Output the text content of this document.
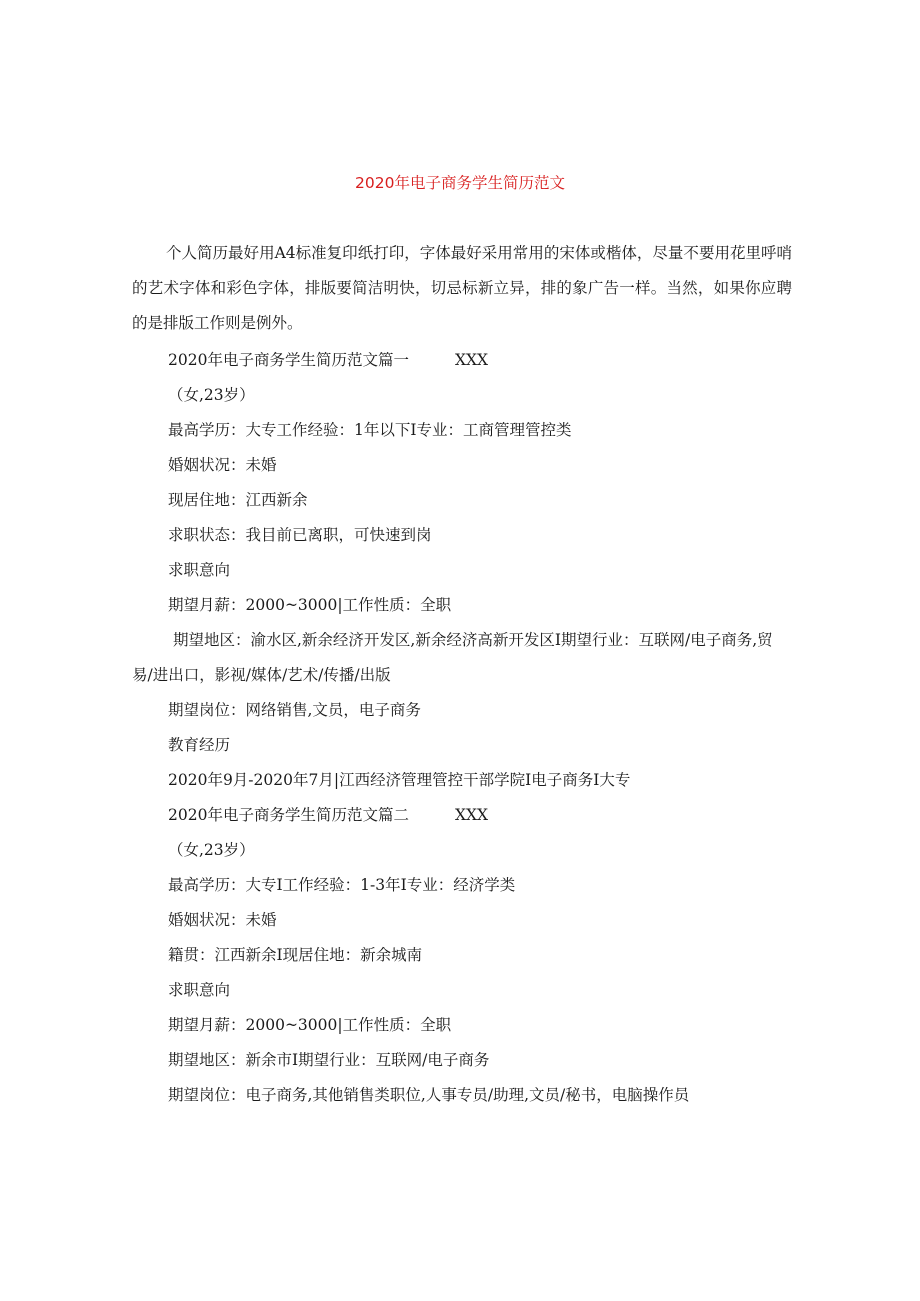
2020年电子商务学生简历范文
个人简历最好用A4标准复印纸打印，字体最好采用常用的宋体或楷体，尽量不要用花里呼哨的艺术字体和彩色字体，排版要简洁明快，切忌标新立异，排的象广告一样。当然，如果你应聘的是排版工作则是例外。
2020年电子商务学生简历范文篇一	XXX
（女,23岁）
最高学历：大专工作经验：1年以下I专业：工商管理管控类
婚姻状况：未婚
现居住地：江西新余
求职状态：我目前已离职，可快速到岗
求职意向
期望月薪：2000~3000|工作性质：全职
期望地区：渝水区,新余经济开发区,新余经济高新开发区I期望行业：互联网/电子商务,贸易/进出口，影视/媒体/艺术/传播/出版
期望岗位：网络销售,文员，电子商务
教育经历
2020年9月-2020年7月|江西经济管理管控干部学院I电子商务I大专
2020年电子商务学生简历范文篇二	XXX
（女,23岁）
最高学历：大专I工作经验：1-3年I专业：经济学类
婚姻状况：未婚
籍贯：江西新余I现居住地：新余城南
求职意向
期望月薪：2000~3000|工作性质：全职
期望地区：新余市I期望行业：互联网/电子商务
期望岗位：电子商务,其他销售类职位,人事专员/助理,文员/秘书，电脑操作员
